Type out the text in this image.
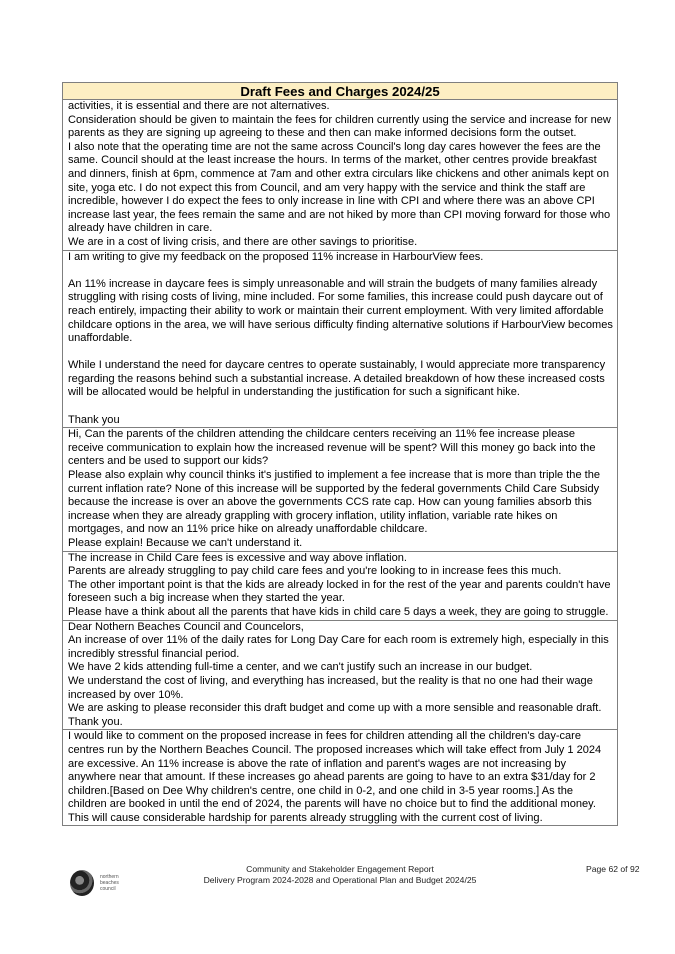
Draft Fees and Charges 2024/25

activities, it is essential and there are not alternatives.

Consideration should be given to maintain the fees for children currently using the service and increase for new parents as they are signing up agreeing to these and then can make informed decisions form the outset.

I also note that the operating time are not the same across Council's long day cares however the fees are the same. Council should at the least increase the hours. In terms of the market, other centres provide breakfast and dinners, finish at 6pm, commence at 7am and other extra circulars like chickens and other animals kept on site, yoga etc. I do not expect this from Council, and am very happy with the service and think the staff are incredible, however I do expect the fees to only increase in line with CPI and where there was an above CPI increase last year, the fees remain the same and are not hiked by more than CPI moving forward for those who already have children in care.

We are in a cost of living crisis, and there are other savings to prioritise.

I am writing to give my feedback on the proposed 11% increase in HarbourView fees.

An 11% increase in daycare fees is simply unreasonable and will strain the budgets of many families already struggling with rising costs of living, mine included. For some families, this increase could push daycare out of reach entirely, impacting their ability to work or maintain their current employment. With very limited affordable childcare options in the area, we will have serious difficulty finding alternative solutions if HarbourView becomes unaffordable.

While I understand the need for daycare centres to operate sustainably, I would appreciate more transparency regarding the reasons behind such a substantial increase. A detailed breakdown of how these increased costs will be allocated would be helpful in understanding the justification for such a significant hike.

Thank you

Hi, Can the parents of the children attending the childcare centers receiving an 11% fee increase please receive communication to explain how the increased revenue will be spent? Will this money go back into the centers and be used to support our kids?

Please also explain why council thinks it's justified to implement a fee increase that is more than triple the the current inflation rate? None of this increase will be supported by the federal governments Child Care Subsidy because the increase is over an above the governments CCS rate cap. How can young families absorb this increase when they are already grappling with grocery inflation, utility inflation, variable rate hikes on mortgages, and now an 11% price hike on already unaffordable childcare.

Please explain! Because we can't understand it.

The increase in Child Care fees is excessive and way above inflation.

Parents are already struggling to pay child care fees and you're looking to in increase fees this much.

The other important point is that the kids are already locked in for the rest of the year and parents couldn't have foreseen such a big increase when they started the year.

Please have a think about all the parents that have kids in child care 5 days a week, they are going to struggle.

Dear Nothern Beaches Council and Councelors,

An increase of over 11% of the daily rates for Long Day Care for each room is extremely high, especially in this incredibly stressful financial period.

We have 2 kids attending full-time a center, and we can't justify such an increase in our budget.

We understand the cost of living, and everything has increased, but the reality is that no one had their wage increased by over 10%.

We are asking to please reconsider this draft budget and come up with a more sensible and reasonable draft.

Thank you.

I would like to comment on the proposed increase in fees for children attending all the children's day-care centres run by the Northern Beaches Council. The proposed increases which will take effect from July 1 2024 are excessive. An 11% increase is above the rate of inflation and parent's wages are not increasing by anywhere near that amount. If these increases go ahead parents are going to have to an extra $31/day for 2 children.[Based on Dee Why children's centre, one child in 0-2, and one child in 3-5 year rooms.] As the children are booked in until the end of 2024, the parents will have no choice but to find the additional money. This will cause considerable hardship for parents already struggling with the current cost of living.

northern
beaches
council
Community and Stakeholder Engagement Report
Delivery Program 2024-2028 and Operational Plan and Budget 2024/25
Page 62 of 92
